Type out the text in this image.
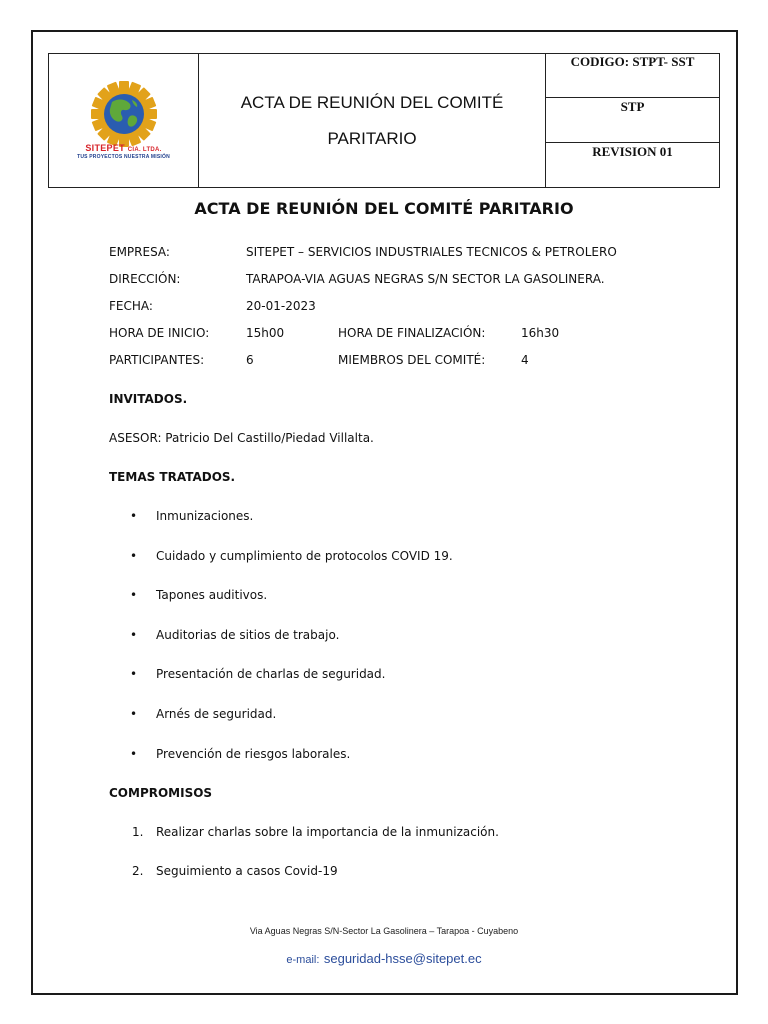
SITEPET CIA. LTDA.
TUS PROYECTOS NUESTRA MISIÓN
ACTA DE REUNIÓN DEL COMITÉ PARITARIO
CODIGO: STPT- SST
STP
REVISION 01
ACTA DE REUNIÓN DEL COMITÉ PARITARIO
EMPRESA:	SITEPET – SERVICIOS INDUSTRIALES TECNICOS & PETROLERO
DIRECCIÓN:	TARAPOA-VIA AGUAS NEGRAS S/N SECTOR LA GASOLINERA.
FECHA:	20-01-2023
HORA DE INICIO:	15h00	HORA DE FINALIZACIÓN:	16h30
PARTICIPANTES:	6	MIEMBROS DEL COMITÉ:	4
INVITADOS.
ASESOR: Patricio Del Castillo/Piedad Villalta.
TEMAS TRATADOS.
• Inmunizaciones.
• Cuidado y cumplimiento de protocolos COVID 19.
• Tapones auditivos.
• Auditorias de sitios de trabajo.
• Presentación de charlas de seguridad.
• Arnés de seguridad.
• Prevención de riesgos laborales.
COMPROMISOS
1. Realizar charlas sobre la importancia de la inmunización.
2. Seguimiento a casos Covid-19
Via Aguas Negras S/N-Sector La Gasolinera – Tarapoa - Cuyabeno
e-mail: seguridad-hsse@sitepet.ec
